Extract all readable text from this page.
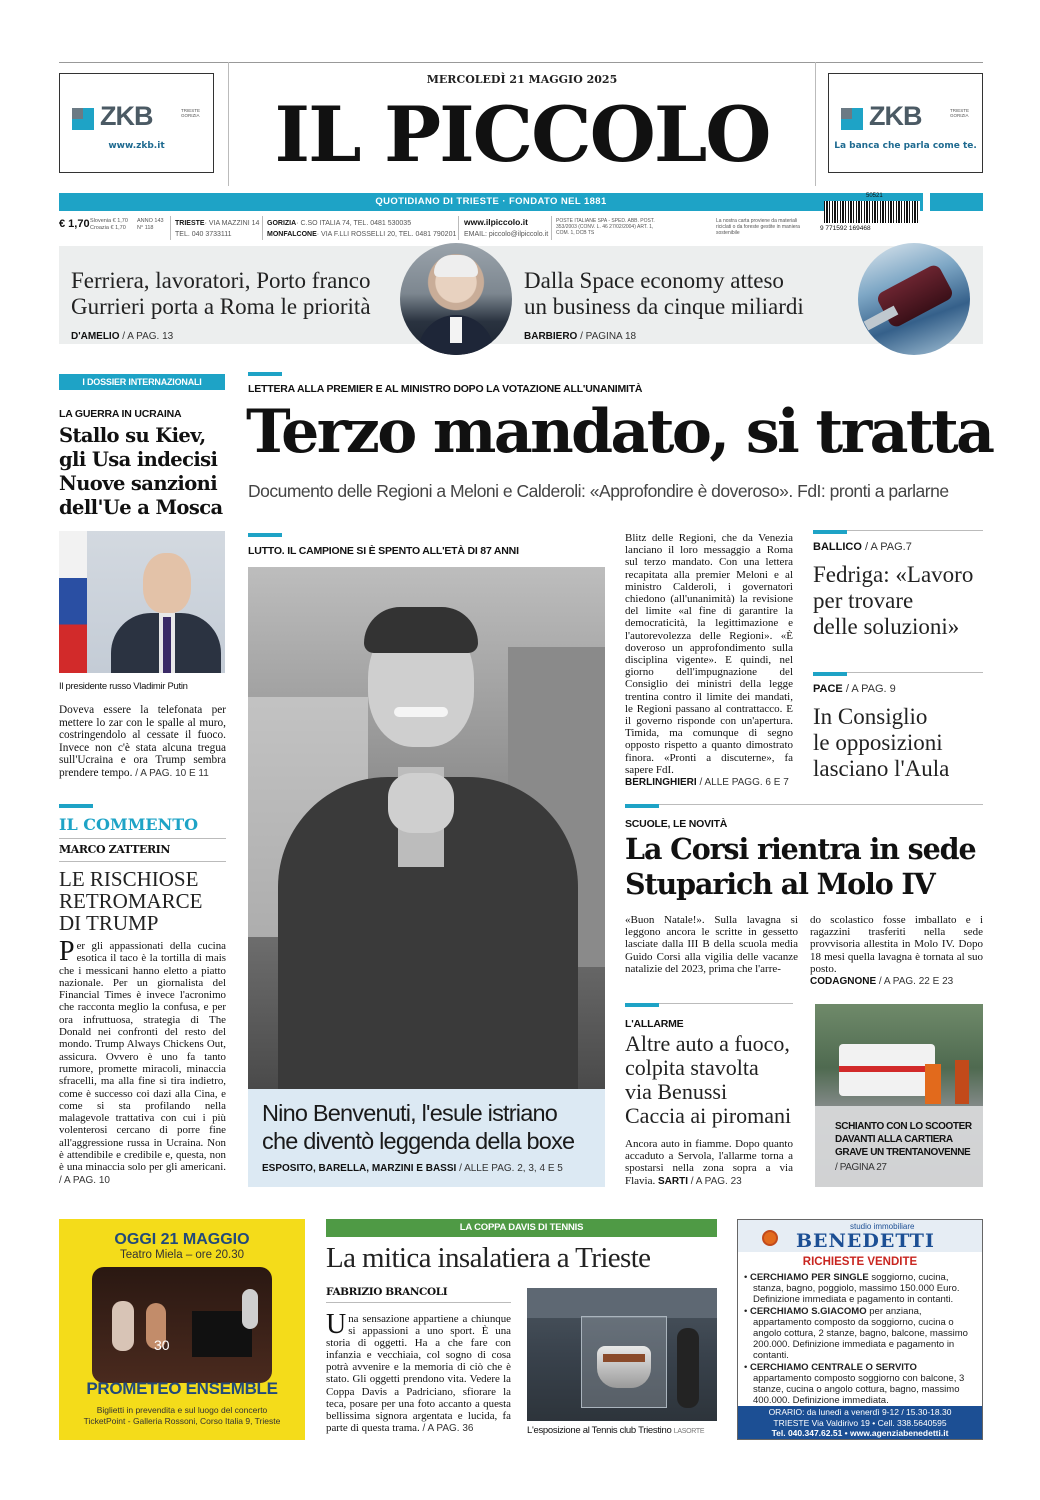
ZKB	TRIESTE GORIZIA
www.zkb.it
ZKB	TRIESTE GORIZIA
La banca che parla come te.
MERCOLEDÌ 21 MAGGIO 2025
IL PICCOLO
QUOTIDIANO DI TRIESTE · FONDATO NEL 1881
€ 1,70 Slovenia € 1,70 Croazia € 1,70
ANNO 143 N° 118
TRIESTE· VIA MAZZINI 14
TEL. 040 3733111
GORIZIA· C.SO ITALIA 74, TEL. 0481 530035
MONFALCONE· VIA F.LLI ROSSELLI 20, TEL. 0481 790201
www.ilpiccolo.it
EMAIL: piccolo@ilpiccolo.it
POSTE ITALIANE SPA - SPED. ABB. POST. 353/2003 (CONV. L. 46 27/02/2004) ART. 1, COM. 1, DCB TS
La nostra carta proviene da materiali riciclati o da foreste gestite in maniera sostenibile
50521
9 771592 169468
Ferriera, lavoratori, Porto franco
Gurrieri porta a Roma le priorità
D'AMELIO / A PAG. 13
Dalla Space economy atteso
un business da cinque miliardi
BARBIERO / PAGINA 18
I DOSSIER INTERNAZIONALI
LA GUERRA IN UCRAINA
Stallo su Kiev,
gli Usa indecisi
Nuove sanzioni
dell'Ue a Mosca
Il presidente russo Vladimir Putin
Doveva essere la telefonata per mettere lo zar con le spalle al muro, costringendolo al cessate il fuoco. Invece non c'è stata alcuna tregua sull'Ucraina e ora Trump sembra prendere tempo. / A PAG. 10 E 11
IL COMMENTO
MARCO ZATTERIN
LE RISCHIOSE
RETROMARCE
DI TRUMP
Per gli appassionati della cucina esotica il taco è la tortilla di mais che i messicani hanno eletto a piatto nazionale. Per un giornalista del Financial Times è invece l'acronimo che racconta meglio la confusa, e per ora infruttuosa, strategia di The Donald nei confronti del resto del mondo. Trump Always Chickens Out, assicura. Ovvero è uno fa tanto rumore, promette miracoli, minaccia sfracelli, ma alla fine si tira indietro, come è successo coi dazi alla Cina, e come si sta profilando nella malagevole trattativa con cui i più volenterosi cercano di porre fine all'aggressione russa in Ucraina. Non è attendibile e credibile e, questa, non è una minaccia solo per gli americani. / A PAG. 10
LETTERA ALLA PREMIER E AL MINISTRO DOPO LA VOTAZIONE ALL'UNANIMITÀ
Terzo mandato, si tratta
Documento delle Regioni a Meloni e Calderoli: «Approfondire è doveroso». FdI: pronti a parlarne
LUTTO. IL CAMPIONE SI È SPENTO ALL'ETÀ DI 87 ANNI
Nino Benvenuti, l'esule istriano
che diventò leggenda della boxe
ESPOSITO, BARELLA, MARZINI E BASSI / ALLE PAG. 2, 3, 4 E 5
Blitz delle Regioni, che da Venezia lanciano il loro messaggio a Roma sul terzo mandato. Con una lettera recapitata alla premier Meloni e al ministro Calderoli, i governatori chiedono (all'unanimità) la revisione del limite «al fine di garantire la democraticità, la legittimazione e l'autorevolezza delle Regioni». «È doveroso un approfondimento sulla disciplina vigente». E quindi, nel giorno dell'impugnazione del Consiglio dei ministri della legge trentina contro il limite dei mandati, le Regioni passano al contrattacco. E il governo risponde con un'apertura. Timida, ma comunque di segno opposto rispetto a quanto dimostrato finora. «Pronti a discuterne», fa sapere FdI.
BERLINGHIERI / ALLE PAGG. 6 E 7
BALLICO / A PAG.7
Fedriga: «Lavoro
per trovare
delle soluzioni»
PACE / A PAG. 9
In Consiglio
le opposizioni
lasciano l'Aula
SCUOLE, LE NOVITÀ
La Corsi rientra in sede
Stuparich al Molo IV
«Buon Natale!». Sulla lavagna si leggono ancora le scritte in gessetto lasciate dalla III B della scuola media Guido Corsi alla vigilia delle vacanze natalizie del 2023, prima che l'arre-
do scolastico fosse imballato e i ragazzini trasferiti nella sede provvisoria allestita in Molo IV. Dopo 18 mesi quella lavagna è tornata al suo posto.
CODAGNONE / A PAG. 22 E 23
L'ALLARME
Altre auto a fuoco,
colpita stavolta
via Benussi
Caccia ai piromani
Ancora auto in fiamme. Dopo quanto accaduto a Servola, l'allarme torna a spostarsi nella zona sopra a via Flavia. SARTI / A PAG. 23
SCHIANTO CON LO SCOOTER
DAVANTI ALLA CARTIERA
GRAVE UN TRENTANOVENNE
/ PAGINA 27
OGGI 21 MAGGIO
Teatro Miela – ore 20.30
30
PROMETEO ENSEMBLE
Biglietti in prevendita e sul luogo del concerto
TicketPoint - Galleria Rossoni, Corso Italia 9, Trieste
LA COPPA DAVIS DI TENNIS
La mitica insalatiera a Trieste
FABRIZIO BRANCOLI
Una sensazione appartiene a chiunque si appassioni a uno sport. È una storia di oggetti. Ha a che fare con infanzia e vecchiaia, col sogno di cosa potrà avvenire e la memoria di ciò che è stato. Gli oggetti prendono vita. Vedere la Coppa Davis a Padriciano, sfiorare la teca, posare per una foto accanto a questa bellissima signora argentata e lucida, fa parte di questa trama. / A PAG. 36	L'esposizione al Tennis club Triestino LASORTE
studio immobiliare
BENEDETTI
RICHIESTE VENDITE
• CERCHIAMO PER SINGLE soggiorno, cucina, stanza, bagno, poggiolo, massimo 150.000 Euro. Definizione immediata e pagamento in contanti.
• CERCHIAMO S.GIACOMO per anziana, appartamento composto da soggiorno, cucina o angolo cottura, 2 stanze, bagno, balcone, massimo 200.000. Definizione immediata e pagamento in contanti.
• CERCHIAMO CENTRALE O SERVITO appartamento composto soggiorno con balcone, 3 stanze, cucina o angolo cottura, bagno, massimo 400.000. Definizione immediata.
ORARIO: da lunedì a venerdì 9-12 / 15.30-18.30
TRIESTE Via Valdirivo 19 • Cell. 338.5640595
Tel. 040.347.62.51 • www.agenziabenedetti.it
